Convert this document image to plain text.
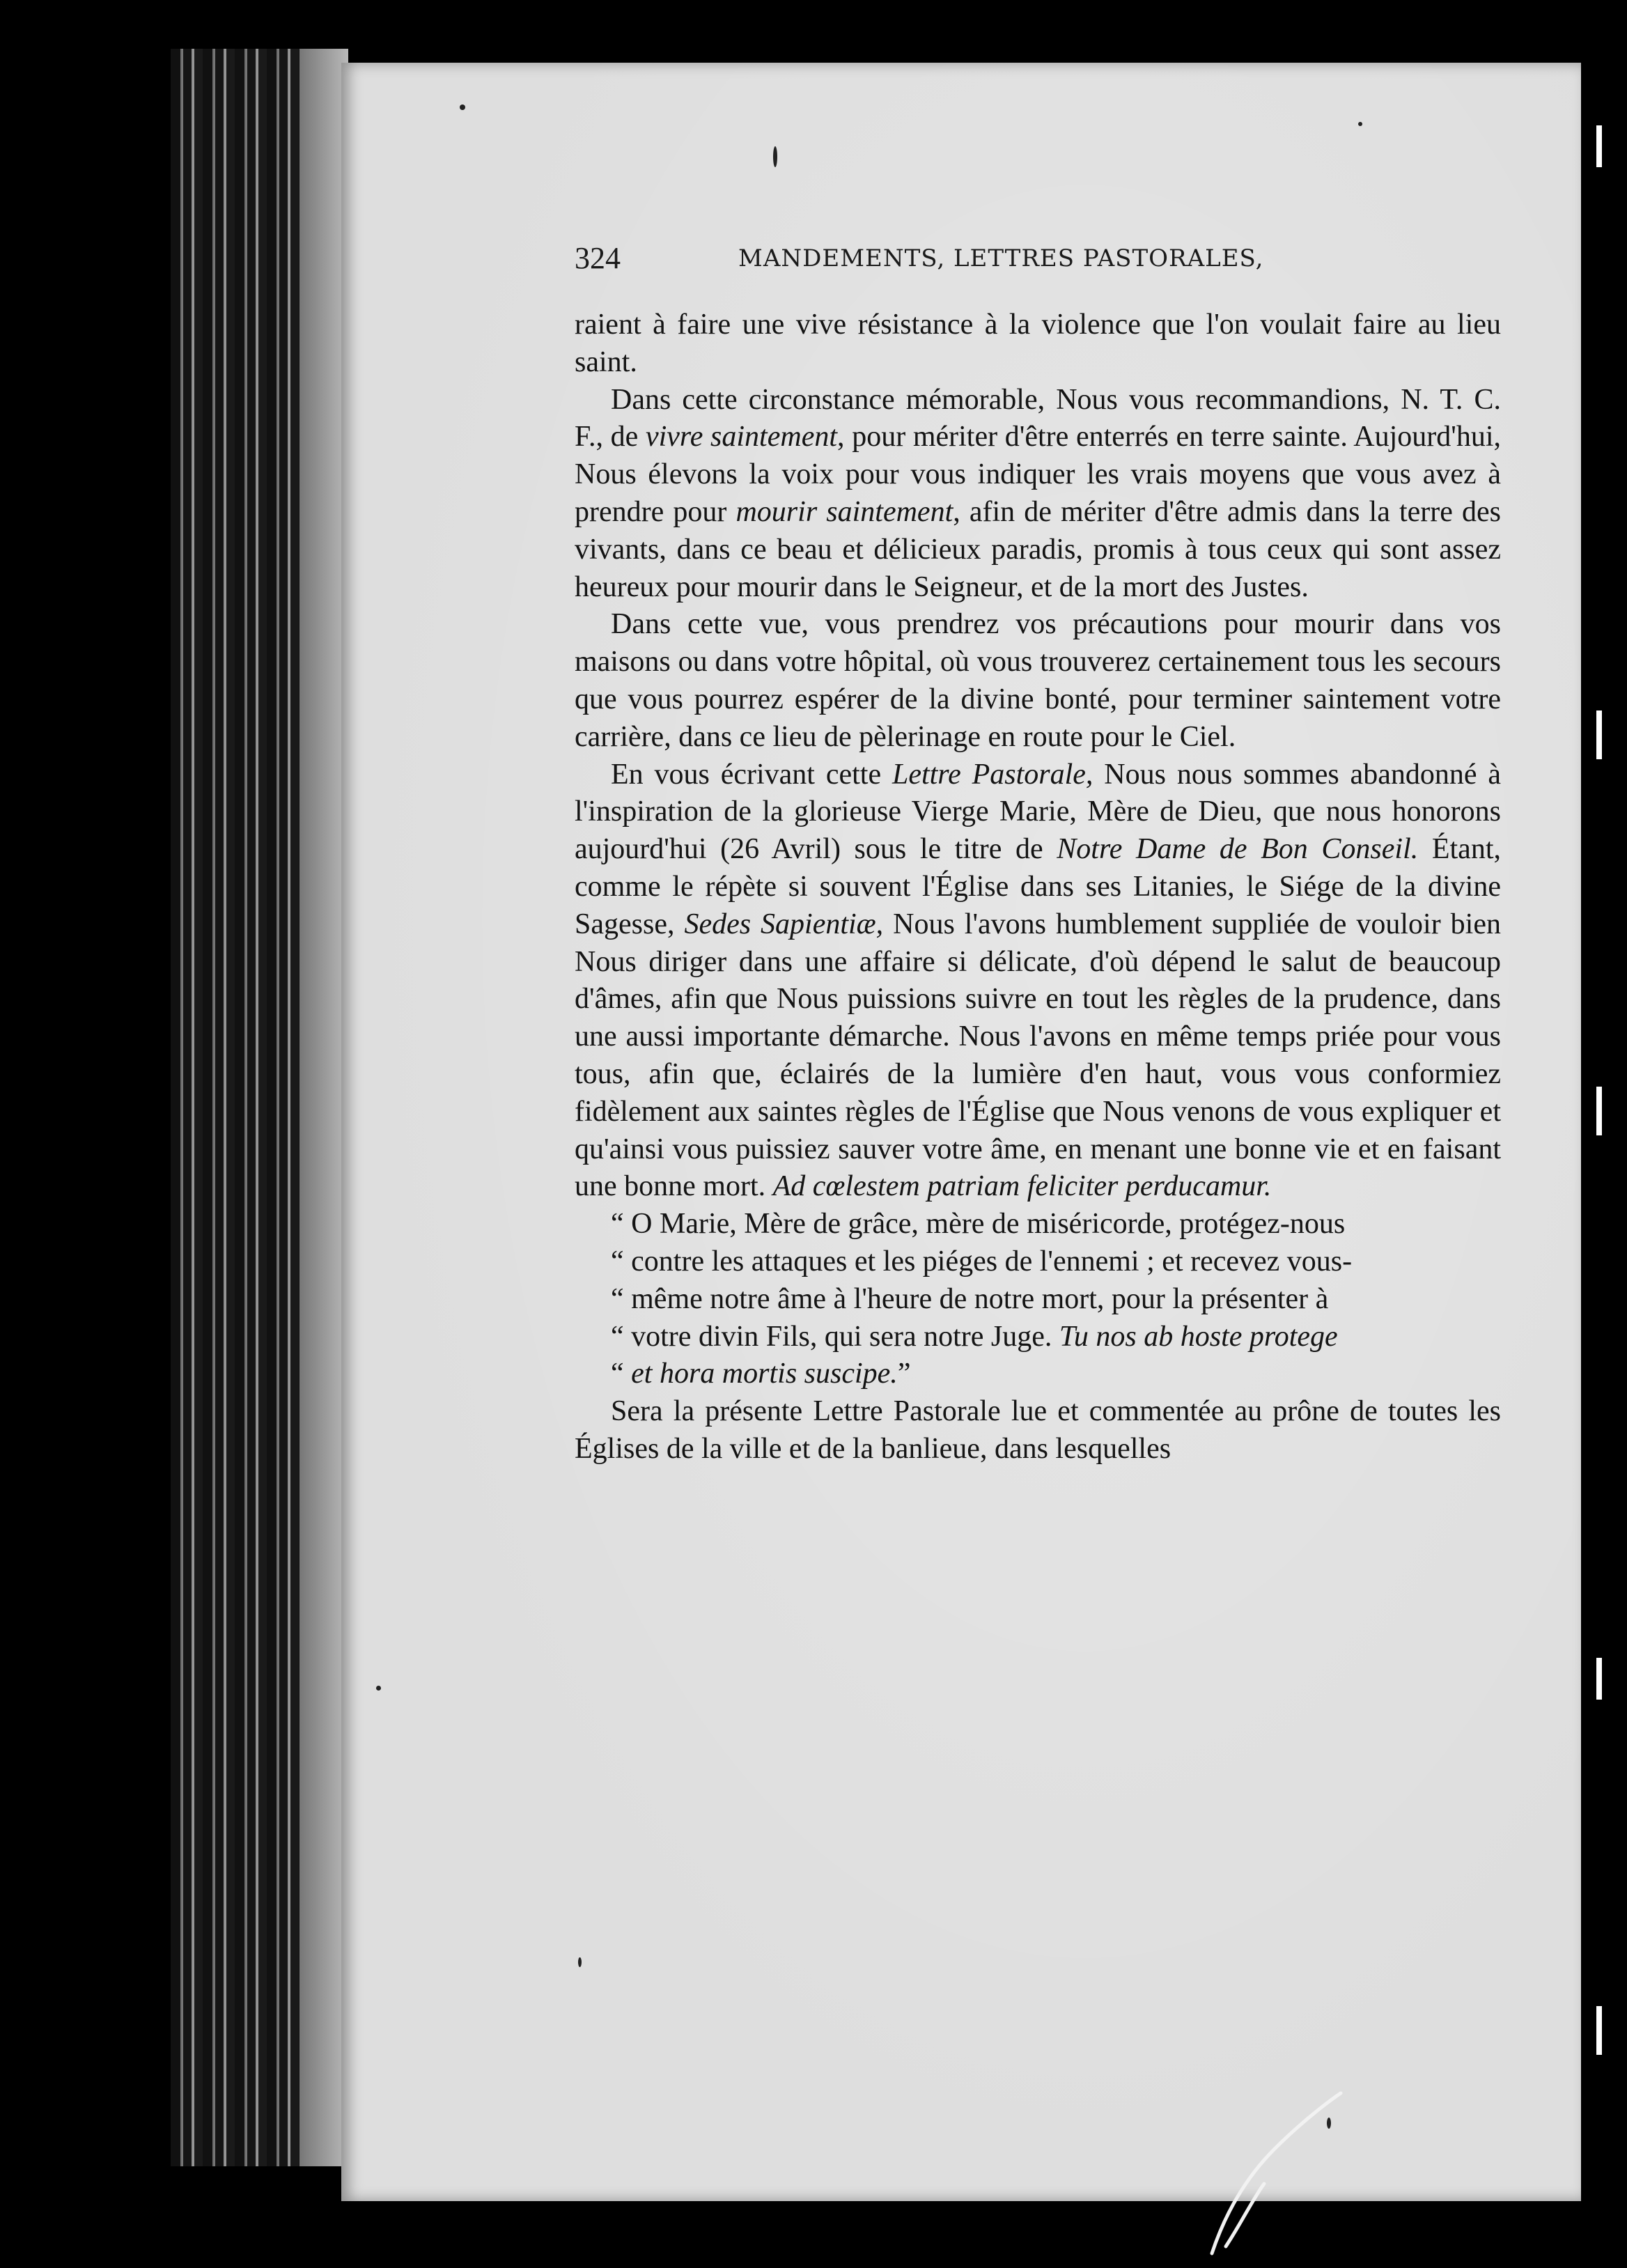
324	MANDEMENTS, LETTRES PASTORALES,

raient à faire une vive résistance à la violence que l'on voulait faire au lieu saint.

Dans cette circonstance mémorable, Nous vous recommandions, N. T. C. F., de vivre saintement, pour mériter d'être enterrés en terre sainte. Aujourd'hui, Nous élevons la voix pour vous indiquer les vrais moyens que vous avez à prendre pour mourir saintement, afin de mériter d'être admis dans la terre des vivants, dans ce beau et délicieux paradis, promis à tous ceux qui sont assez heureux pour mourir dans le Seigneur, et de la mort des Justes.

Dans cette vue, vous prendrez vos précautions pour mourir dans vos maisons ou dans votre hôpital, où vous trouverez certainement tous les secours que vous pourrez espérer de la divine bonté, pour terminer saintement votre carrière, dans ce lieu de pèlerinage en route pour le Ciel.

En vous écrivant cette Lettre Pastorale, Nous nous sommes abandonné à l'inspiration de la glorieuse Vierge Marie, Mère de Dieu, que nous honorons aujourd'hui (26 Avril) sous le titre de Notre Dame de Bon Conseil. Étant, comme le répète si souvent l'Église dans ses Litanies, le Siége de la divine Sagesse, Sedes Sapientiæ, Nous l'avons humblement suppliée de vouloir bien Nous diriger dans une affaire si délicate, d'où dépend le salut de beaucoup d'âmes, afin que Nous puissions suivre en tout les règles de la prudence, dans une aussi importante démarche. Nous l'avons en même temps priée pour vous tous, afin que, éclairés de la lumière d'en haut, vous vous conformiez fidèlement aux saintes règles de l'Église que Nous venons de vous expliquer et qu'ainsi vous puissiez sauver votre âme, en menant une bonne vie et en faisant une bonne mort. Ad cœlestem patriam feliciter perducamur.

“ O Marie, Mère de grâce, mère de miséricorde, protégez-nous
“ contre les attaques et les piéges de l'ennemi ; et recevez vous-
“ même notre âme à l'heure de notre mort, pour la présenter à
“ votre divin Fils, qui sera notre Juge. Tu nos ab hoste protege
“ et hora mortis suscipe.”

Sera la présente Lettre Pastorale lue et commentée au prône de toutes les Églises de la ville et de la banlieue, dans lesquelles
